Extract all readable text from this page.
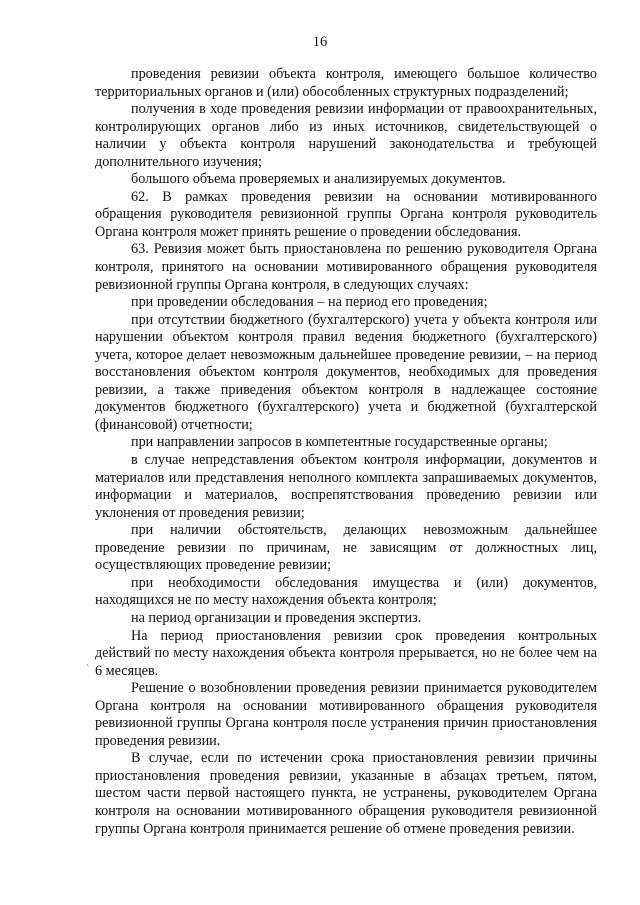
16

проведения ревизии объекта контроля, имеющего большое количество территориальных органов и (или) обособленных структурных подразделений;

получения в ходе проведения ревизии информации от правоохранительных, контролирующих органов либо из иных источников, свидетельствующей о наличии у объекта контроля нарушений законодательства и требующей дополнительного изучения;

большого объема проверяемых и анализируемых документов.

62. В рамках проведения ревизии на основании мотивированного обращения руководителя ревизионной группы Органа контроля руководитель Органа контроля может принять решение о проведении обследования.

63. Ревизия может быть приостановлена по решению руководителя Органа контроля, принятого на основании мотивированного обращения руководителя ревизионной группы Органа контроля, в следующих случаях:

при проведении обследования – на период его проведения;

при отсутствии бюджетного (бухгалтерского) учета у объекта контроля или нарушении объектом контроля правил ведения бюджетного (бухгалтерского) учета, которое делает невозможным дальнейшее проведение ревизии, – на период восстановления объектом контроля документов, необходимых для проведения ревизии, а также приведения объектом контроля в надлежащее состояние документов бюджетного (бухгалтерского) учета и бюджетной (бухгалтерской (финансовой) отчетности;

при направлении запросов в компетентные государственные органы;

в случае непредставления объектом контроля информации, документов и материалов или представления неполного комплекта запрашиваемых документов, информации и материалов, воспрепятствования проведению ревизии или уклонения от проведения ревизии;

при наличии обстоятельств, делающих невозможным дальнейшее проведение ревизии по причинам, не зависящим от должностных лиц, осуществляющих проведение ревизии;

при необходимости обследования имущества и (или) документов, находящихся не по месту нахождения объекта контроля;

на период организации и проведения экспертиз.

На период приостановления ревизии срок проведения контрольных действий по месту нахождения объекта контроля прерывается, но не более чем на 6 месяцев.

Решение о возобновлении проведения ревизии принимается руководителем Органа контроля на основании мотивированного обращения руководителя ревизионной группы Органа контроля после устранения причин приостановления проведения ревизии.

В случае, если по истечении срока приостановления ревизии причины приостановления проведения ревизии, указанные в абзацах третьем, пятом, шестом части первой настоящего пункта, не устранены, руководителем Органа контроля на основании мотивированного обращения руководителя ревизионной группы Органа контроля принимается решение об отмене проведения ревизии.

`
